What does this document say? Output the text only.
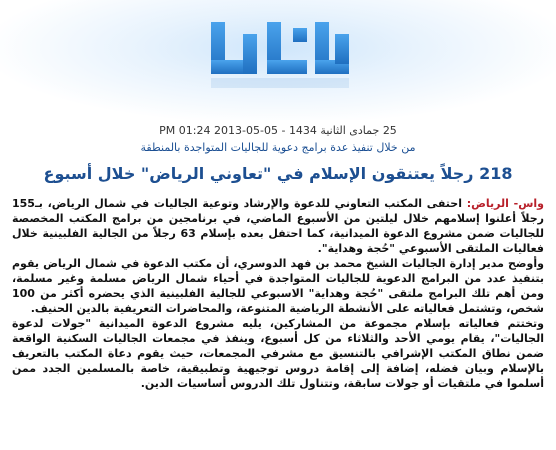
25 جمادى الثانية 1434 - 05-05-2013 01:24 PM
من خلال تنفيذ عدة برامج دعوية للجاليات المتواجدة بالمنطقة
218 رجلاً يعتنقون الإسلام في "تعاوني الرياض" خلال أسبوع

واس- الرياض: احتفى المكتب التعاوني للدعوة والإرشاد وتوعية الجاليات في شمال الرياض، بـ155 رجلاً أعلنوا إسلامهم خلال ليلتين من الأسبوع الماضي، في برنامجين من برامج المكتب المخصصة للجاليات ضمن مشروع الدعوة الميدانية، كما احتفل بعده بإسلام 63 رجلاً من الجالية الفلبينية خلال فعاليات الملتقى الأسبوعي "حُجة وهداية".

وأوضح مدير إدارة الجاليات الشيخ محمد بن فهد الدوسري، أن مكتب الدعوة في شمال الرياض يقوم بتنفيذ عدد من البرامج الدعوية للجاليات المتواجدة في أحياء شمال الرياض مسلمة وغير مسلمة، ومن أهم تلك البرامج ملتقى "حُجة وهداية" الاسبوعي للجالية الفلبينية الذي يحضره أكثر من 100 شخص، وتشتمل فعالياته على الأنشطة الرياضية المتنوعة، والمحاضرات التعريفية بالدين الحنيف.

وتختتم فعالياته بإسلام مجموعة من المشاركين، يليه مشروع الدعوة الميدانية "جولات لدعوة الجاليات"، يقام يومي الأحد والثلاثاء من كل أسبوع، وينفذ في مجمعات الجاليات السكنية الواقعة ضمن نطاق المكتب الإشرافي بالتنسيق مع مشرفي المجمعات، حيث يقوم دعاة المكتب بالتعريف بالإسلام وبيان فضله، إضافة إلى إقامة دروس توجيهية وتطبيقية، خاصة بالمسلمين الجدد ممن أسلموا في ملتقيات أو جولات سابقة، وتتناول تلك الدروس أساسيات الدين.
